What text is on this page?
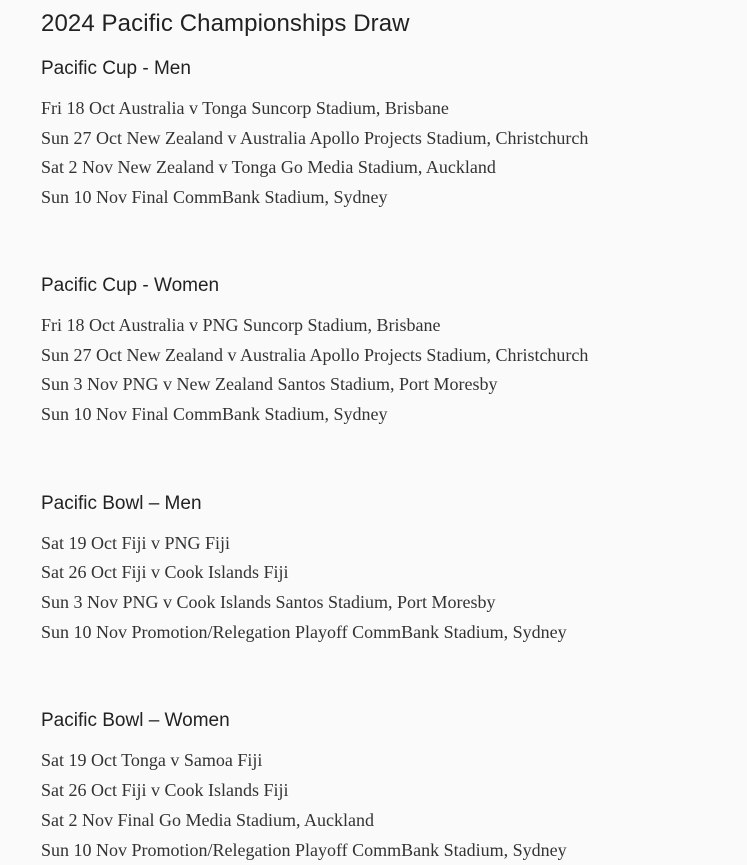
2024 Pacific Championships Draw
Pacific Cup - Men
Fri 18 Oct Australia v Tonga Suncorp Stadium, Brisbane
Sun 27 Oct New Zealand v Australia Apollo Projects Stadium, Christchurch
Sat 2 Nov New Zealand v Tonga Go Media Stadium, Auckland
Sun 10 Nov Final CommBank Stadium, Sydney
Pacific Cup - Women
Fri 18 Oct Australia v PNG Suncorp Stadium, Brisbane
Sun 27 Oct New Zealand v Australia Apollo Projects Stadium, Christchurch
Sun 3 Nov PNG v New Zealand Santos Stadium, Port Moresby
Sun 10 Nov Final CommBank Stadium, Sydney
Pacific Bowl – Men
Sat 19 Oct Fiji v PNG Fiji
Sat 26 Oct Fiji v Cook Islands Fiji
Sun 3 Nov PNG v Cook Islands Santos Stadium, Port Moresby
Sun 10 Nov Promotion/Relegation Playoff CommBank Stadium, Sydney
Pacific Bowl – Women
Sat 19 Oct Tonga v Samoa Fiji
Sat 26 Oct Fiji v Cook Islands Fiji
Sat 2 Nov Final Go Media Stadium, Auckland
Sun 10 Nov Promotion/Relegation Playoff CommBank Stadium, Sydney
